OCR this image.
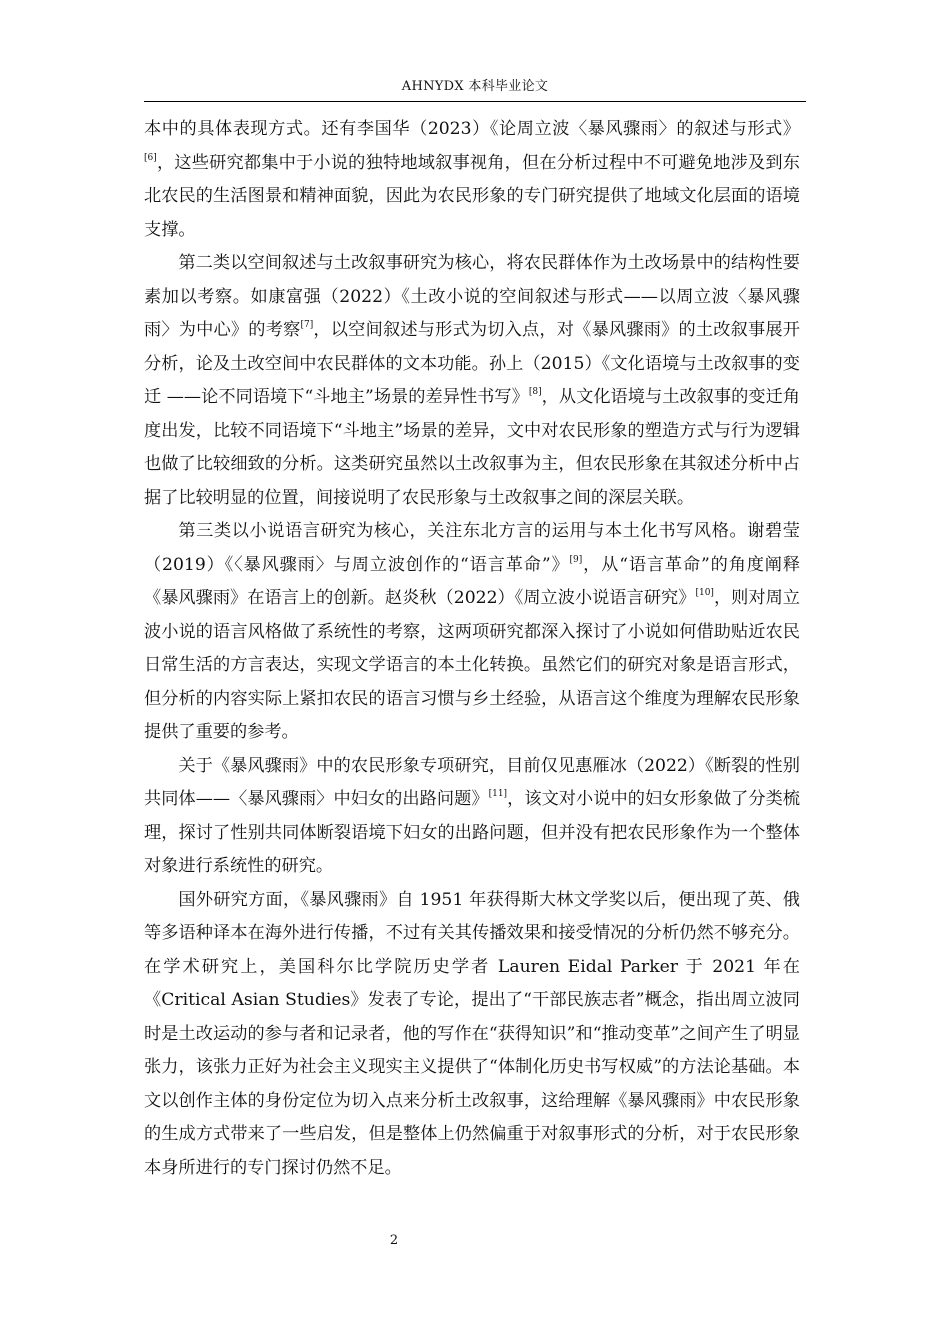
AHNYDX 本科毕业论文

本中的具体表现方式。还有李国华（2023）《论周立波〈暴风骤雨〉的叙述与形式》[6]，这些研究都集中于小说的独特地域叙事视角，但在分析过程中不可避免地涉及到东北农民的生活图景和精神面貌，因此为农民形象的专门研究提供了地域文化层面的语境支撑。

第二类以空间叙述与土改叙事研究为核心，将农民群体作为土改场景中的结构性要素加以考察。如康富强（2022）《土改小说的空间叙述与形式——以周立波〈暴风骤雨〉为中心》的考察[7]，以空间叙述与形式为切入点，对《暴风骤雨》的土改叙事展开分析，论及土改空间中农民群体的文本功能。孙上（2015）《文化语境与土改叙事的变迁 ——论不同语境下“斗地主”场景的差异性书写》[8]，从文化语境与土改叙事的变迁角度出发，比较不同语境下“斗地主”场景的差异，文中对农民形象的塑造方式与行为逻辑也做了比较细致的分析。这类研究虽然以土改叙事为主，但农民形象在其叙述分析中占据了比较明显的位置，间接说明了农民形象与土改叙事之间的深层关联。

第三类以小说语言研究为核心，关注东北方言的运用与本土化书写风格。谢碧莹（2019）《〈暴风骤雨〉与周立波创作的“语言革命”》[9]，从“语言革命”的角度阐释《暴风骤雨》在语言上的创新。赵炎秋（2022）《周立波小说语言研究》[10]，则对周立波小说的语言风格做了系统性的考察，这两项研究都深入探讨了小说如何借助贴近农民日常生活的方言表达，实现文学语言的本土化转换。虽然它们的研究对象是语言形式，但分析的内容实际上紧扣农民的语言习惯与乡土经验，从语言这个维度为理解农民形象提供了重要的参考。

关于《暴风骤雨》中的农民形象专项研究，目前仅见惠雁冰（2022）《断裂的性别共同体——〈暴风骤雨〉中妇女的出路问题》[11]，该文对小说中的妇女形象做了分类梳理，探讨了性别共同体断裂语境下妇女的出路问题，但并没有把农民形象作为一个整体对象进行系统性的研究。

国外研究方面，《暴风骤雨》自 1951 年获得斯大林文学奖以后，便出现了英、俄等多语种译本在海外进行传播，不过有关其传播效果和接受情况的分析仍然不够充分。在学术研究上，美国科尔比学院历史学者 Lauren Eidal Parker 于 2021 年在《Critical Asian Studies》发表了专论，提出了“干部民族志者”概念，指出周立波同时是土改运动的参与者和记录者，他的写作在“获得知识”和“推动变革”之间产生了明显张力，该张力正好为社会主义现实主义提供了“体制化历史书写权威”的方法论基础。本文以创作主体的身份定位为切入点来分析土改叙事，这给理解《暴风骤雨》中农民形象的生成方式带来了一些启发，但是整体上仍然偏重于对叙事形式的分析，对于农民形象本身所进行的专门探讨仍然不足。

2
